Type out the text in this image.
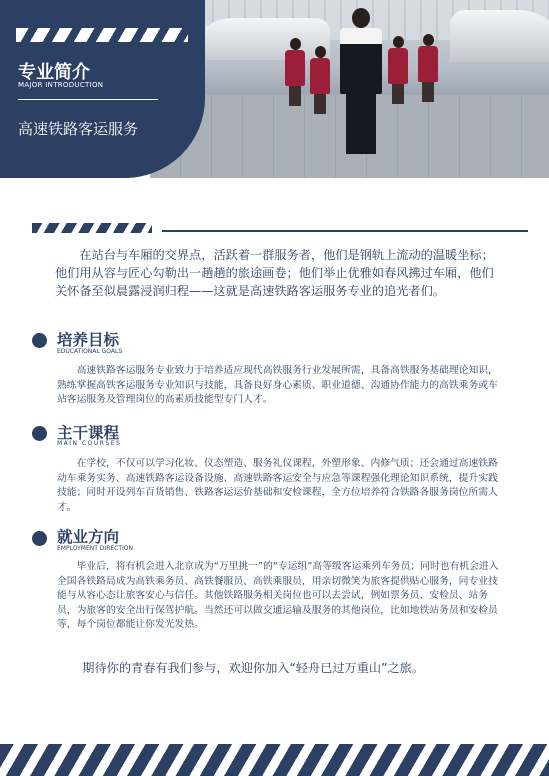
专业简介
MAJOR INTRODUCTION
高速铁路客运服务

在站台与车厢的交界点，活跃着一群服务者，他们是钢轨上流动的温暖坐标；他们用从容与匠心勾勒出一趟趟的旅途画卷；他们举止优雅如春风拂过车厢，他们关怀备至似晨露浸润归程——这就是高速铁路客运服务专业的追光者们。

培养目标
EDUCATIONAL GOALS

高速铁路客运服务专业致力于培养适应现代高铁服务行业发展所需，具备高铁服务基础理论知识，熟练掌握高铁客运服务专业知识与技能，具备良好身心素质、职业道德、沟通协作能力的高铁乘务或车站客运服务及管理岗位的高素质技能型专门人才。

主干课程
MAIN COURSES

在学校，不仅可以学习化妆、仪态塑造、服务礼仪课程，外塑形象、内修气质；还会通过高速铁路动车乘务实务、高速铁路客运设备设施、高速铁路客运安全与应急等课程强化理论知识系统，提升实践技能；同时开设列车百货销售、铁路客运运价基础和安检课程，全方位培养符合铁路各服务岗位所需人才。

就业方向
EMPLOYMENT DIRECTION

毕业后，将有机会进入北京成为“万里挑一”的“专运组”高等级客运乘列车务员；同时也有机会进入全国各铁路局成为高铁乘务员、高铁餐服员、高铁乘服员，用亲切微笑为旅客提供贴心服务，同专业技能与从容心态让旅客安心与信任。其他铁路服务相关岗位也可以去尝试，例如票务员、安检员、站务员，为旅客的安全出行保驾护航。当然还可以做交通运输及服务的其他岗位，比如地铁站务员和安检员等，每个岗位都能让你发光发热。

期待你的青春有我们参与，欢迎你加入“轻舟已过万重山”之旅。
